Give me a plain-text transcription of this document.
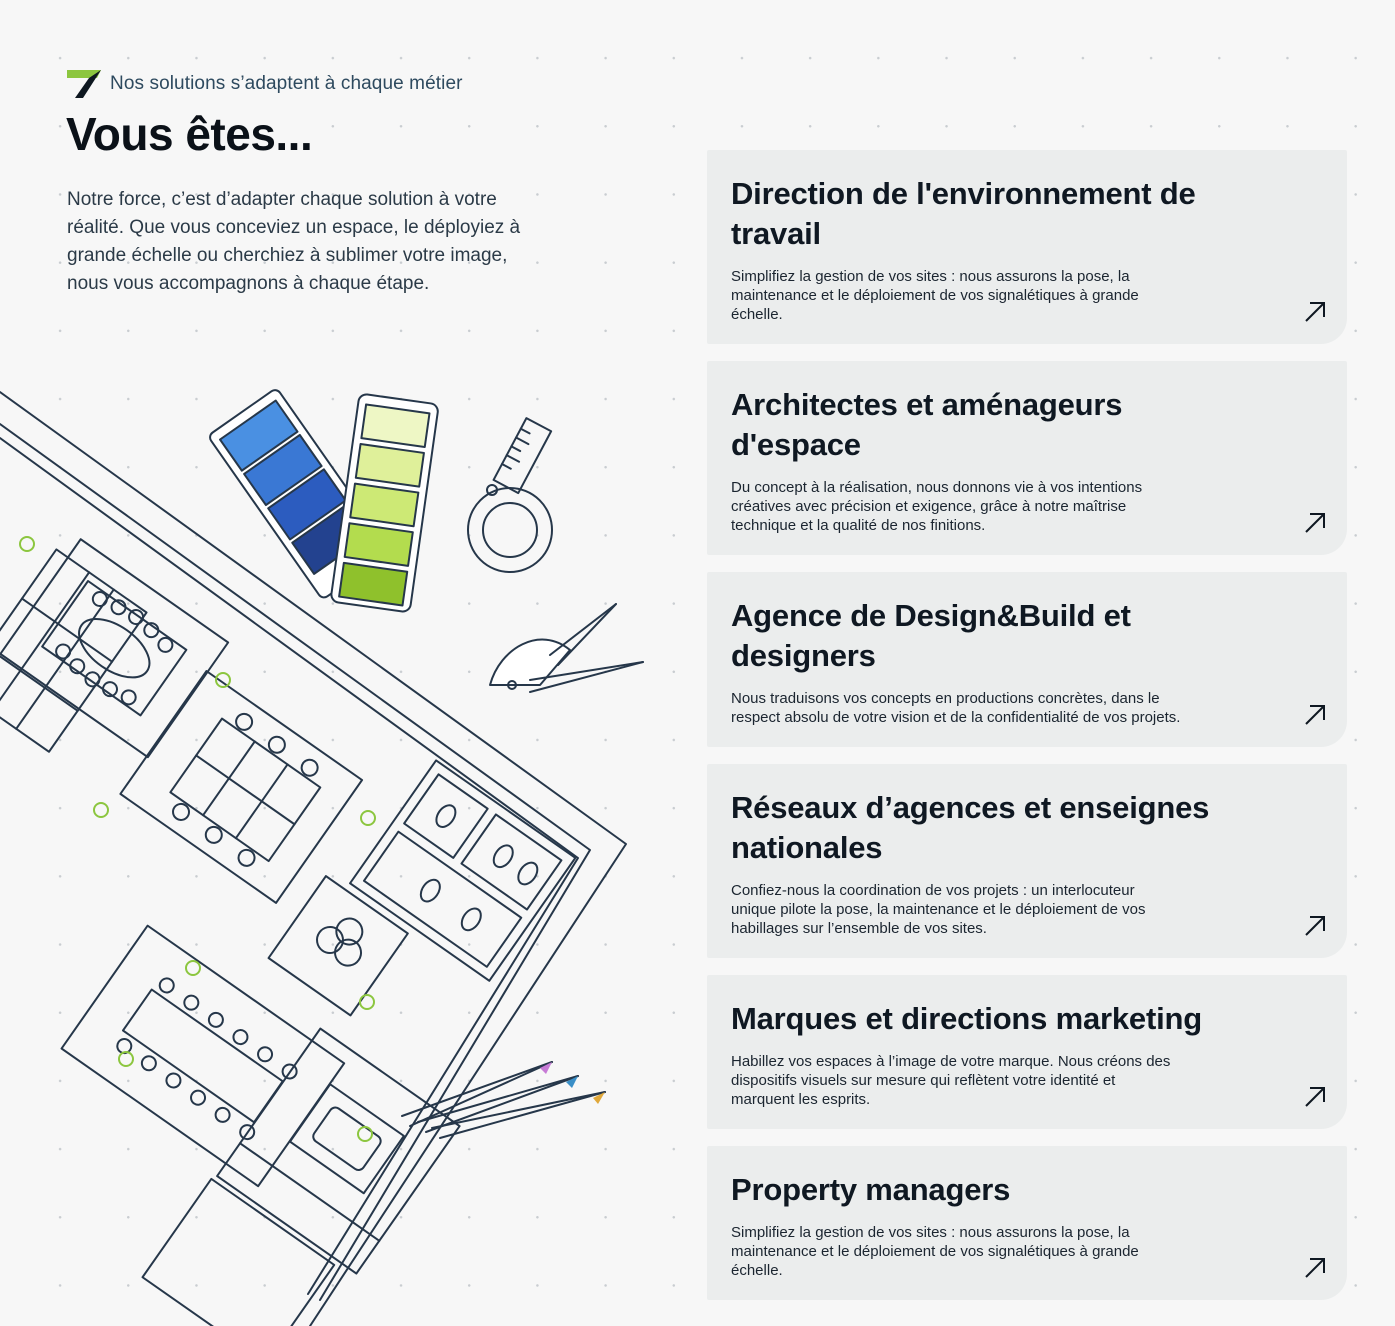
Nos solutions s’adaptent à chaque métier
Vous êtes...

Notre force, c’est d’adapter chaque solution à votre réalité. Que vous conceviez un espace, le déployiez à grande échelle ou cherchiez à sublimer votre image, nous vous accompagnons à chaque étape.

Direction de l'environnement de travail

Simplifiez la gestion de vos sites : nous assurons la pose, la maintenance et le déploiement de vos signalétiques à grande échelle.

Architectes et aménageurs d'espace

Du concept à la réalisation, nous donnons vie à vos intentions créatives avec précision et exigence, grâce à notre maîtrise technique et la qualité de nos finitions.

Agence de Design&Build et designers

Nous traduisons vos concepts en productions concrètes, dans le respect absolu de votre vision et de la confidentialité de vos projets.

Réseaux d’agences et enseignes nationales

Confiez-nous la coordination de vos projets : un interlocuteur unique pilote la pose, la maintenance et le déploiement de vos habillages sur l’ensemble de vos sites.

Marques et directions marketing

Habillez vos espaces à l’image de votre marque. Nous créons des dispositifs visuels sur mesure qui reflètent votre identité et marquent les esprits.

Property managers

Simplifiez la gestion de vos sites : nous assurons la pose, la maintenance et le déploiement de vos signalétiques à grande échelle.
